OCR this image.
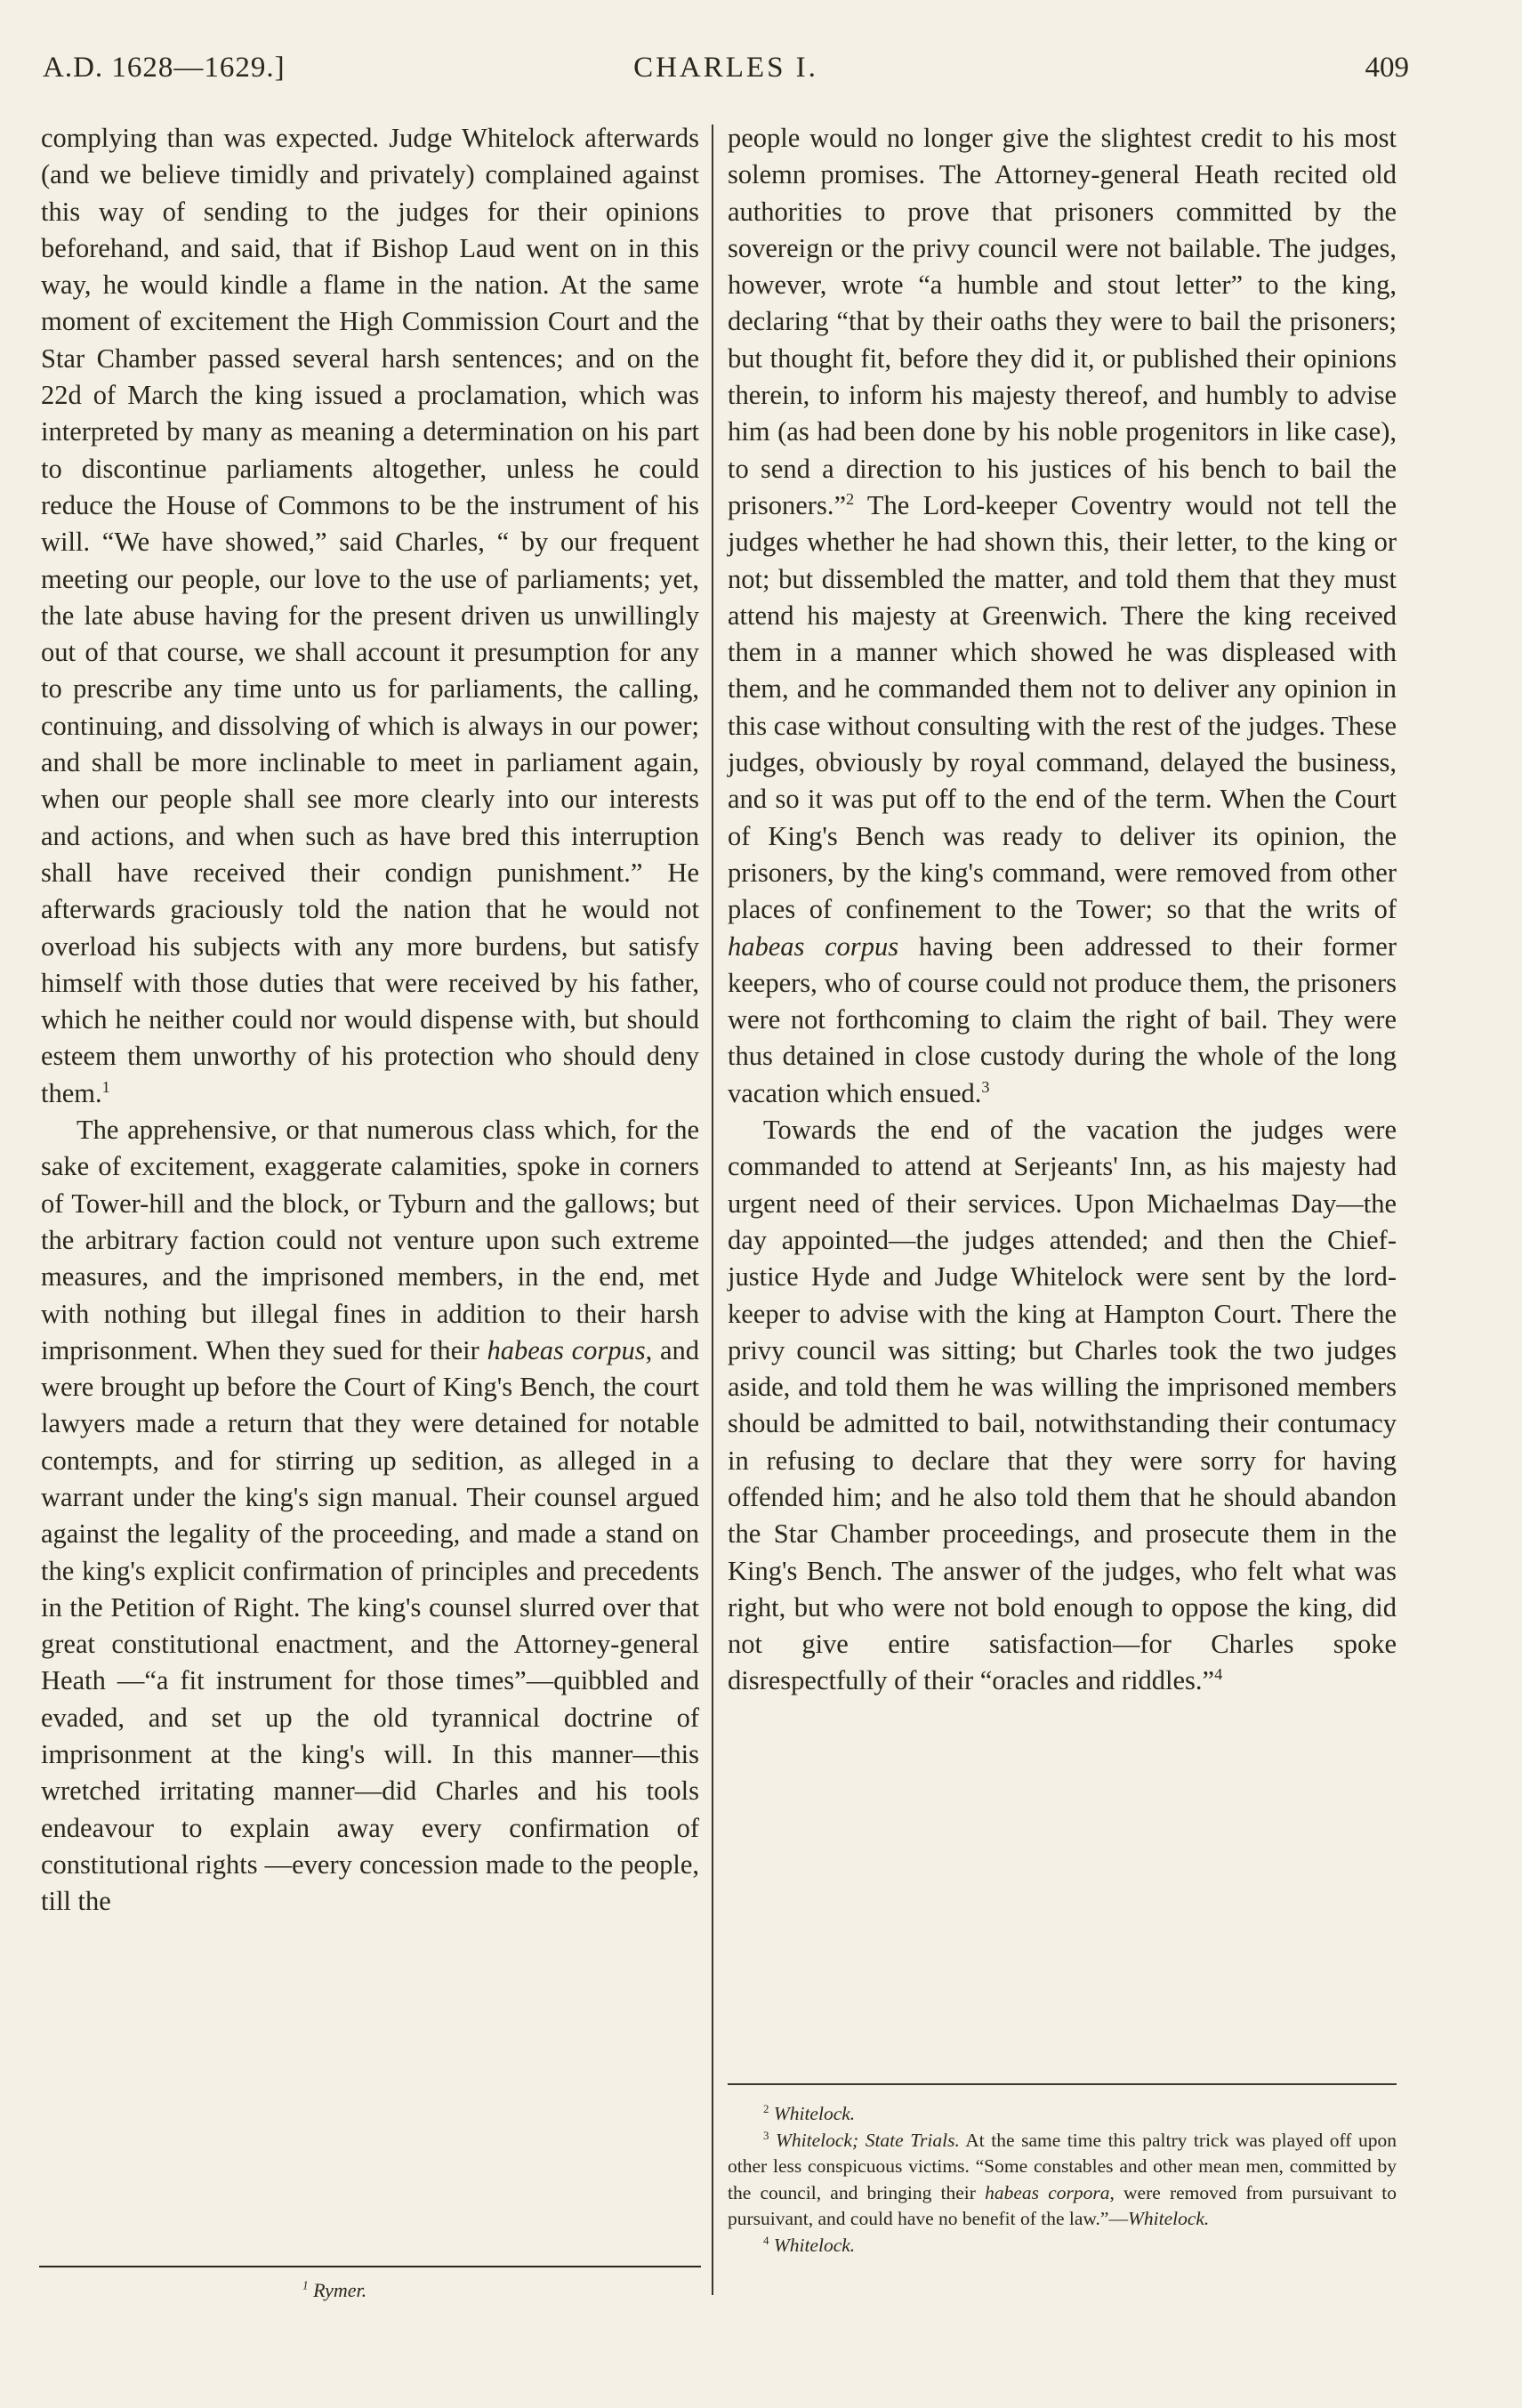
A.D. 1628—1629.]	CHARLES I.	409

complying than was expected. Judge Whitelock afterwards (and we believe timidly and privately) complained against this way of sending to the judges for their opinions beforehand, and said, that if Bishop Laud went on in this way, he would kindle a flame in the nation. At the same moment of excitement the High Commission Court and the Star Chamber passed several harsh sentences; and on the 22d of March the king issued a proclamation, which was interpreted by many as meaning a determination on his part to discontinue parliaments altogether, unless he could reduce the House of Commons to be the instrument of his will. “We have showed,” said Charles, “ by our frequent meeting our people, our love to the use of parliaments; yet, the late abuse having for the present driven us unwillingly out of that course, we shall account it presumption for any to prescribe any time unto us for parliaments, the calling, continuing, and dissolving of which is always in our power; and shall be more inclinable to meet in parliament again, when our people shall see more clearly into our interests and actions, and when such as have bred this interruption shall have received their condign punishment.” He afterwards graciously told the nation that he would not overload his subjects with any more burdens, but satisfy himself with those duties that were received by his father, which he neither could nor would dispense with, but should esteem them unworthy of his protection who should deny them.$^1$

The apprehensive, or that numerous class which, for the sake of excitement, exaggerate calamities, spoke in corners of Tower-hill and the block, or Tyburn and the gallows; but the arbitrary faction could not venture upon such extreme measures, and the imprisoned members, in the end, met with nothing but illegal fines in addition to their harsh imprisonment. When they sued for their habeas corpus, and were brought up before the Court of King's Bench, the court lawyers made a return that they were detained for notable contempts, and for stirring up sedition, as alleged in a warrant under the king's sign manual. Their counsel argued against the legality of the proceeding, and made a stand on the king's explicit confirmation of principles and precedents in the Petition of Right. The king's counsel slurred over that great constitutional enactment, and the Attorney-general Heath —“a fit instrument for those times”—quibbled and evaded, and set up the old tyrannical doctrine of imprisonment at the king's will. In this manner—this wretched irritating manner—did Charles and his tools endeavour to explain away every confirmation of constitutional rights —every concession made to the people, till the

$^1$ Rymer.

people would no longer give the slightest credit to his most solemn promises. The Attorney-general Heath recited old authorities to prove that prisoners committed by the sovereign or the privy council were not bailable. The judges, however, wrote “a humble and stout letter” to the king, declaring “that by their oaths they were to bail the prisoners; but thought fit, before they did it, or published their opinions therein, to inform his majesty thereof, and humbly to advise him (as had been done by his noble progenitors in like case), to send a direction to his justices of his bench to bail the prisoners.”$^2$ The Lord-keeper Coventry would not tell the judges whether he had shown this, their letter, to the king or not; but dissembled the matter, and told them that they must attend his majesty at Greenwich. There the king received them in a manner which showed he was displeased with them, and he commanded them not to deliver any opinion in this case without consulting with the rest of the judges. These judges, obviously by royal command, delayed the business, and so it was put off to the end of the term. When the Court of King's Bench was ready to deliver its opinion, the prisoners, by the king's command, were removed from other places of confinement to the Tower; so that the writs of habeas corpus having been addressed to their former keepers, who of course could not produce them, the prisoners were not forthcoming to claim the right of bail. They were thus detained in close custody during the whole of the long vacation which ensued.$^3$

Towards the end of the vacation the judges were commanded to attend at Serjeants' Inn, as his majesty had urgent need of their services. Upon Michaelmas Day—the day appointed—the judges attended; and then the Chief-justice Hyde and Judge Whitelock were sent by the lord-keeper to advise with the king at Hampton Court. There the privy council was sitting; but Charles took the two judges aside, and told them he was willing the imprisoned members should be admitted to bail, notwithstanding their contumacy in refusing to declare that they were sorry for having offended him; and he also told them that he should abandon the Star Chamber proceedings, and prosecute them in the King's Bench. The answer of the judges, who felt what was right, but who were not bold enough to oppose the king, did not give entire satisfaction—for Charles spoke disrespectfully of their “oracles and riddles.”$^4$

$^2$ Whitelock.

$^3$ Whitelock; State Trials. At the same time this paltry trick was played off upon other less conspicuous victims. “Some constables and other mean men, committed by the council, and bringing their habeas corpora, were removed from pursuivant to pursuivant, and could have no benefit of the law.”—Whitelock.

$^4$ Whitelock.
